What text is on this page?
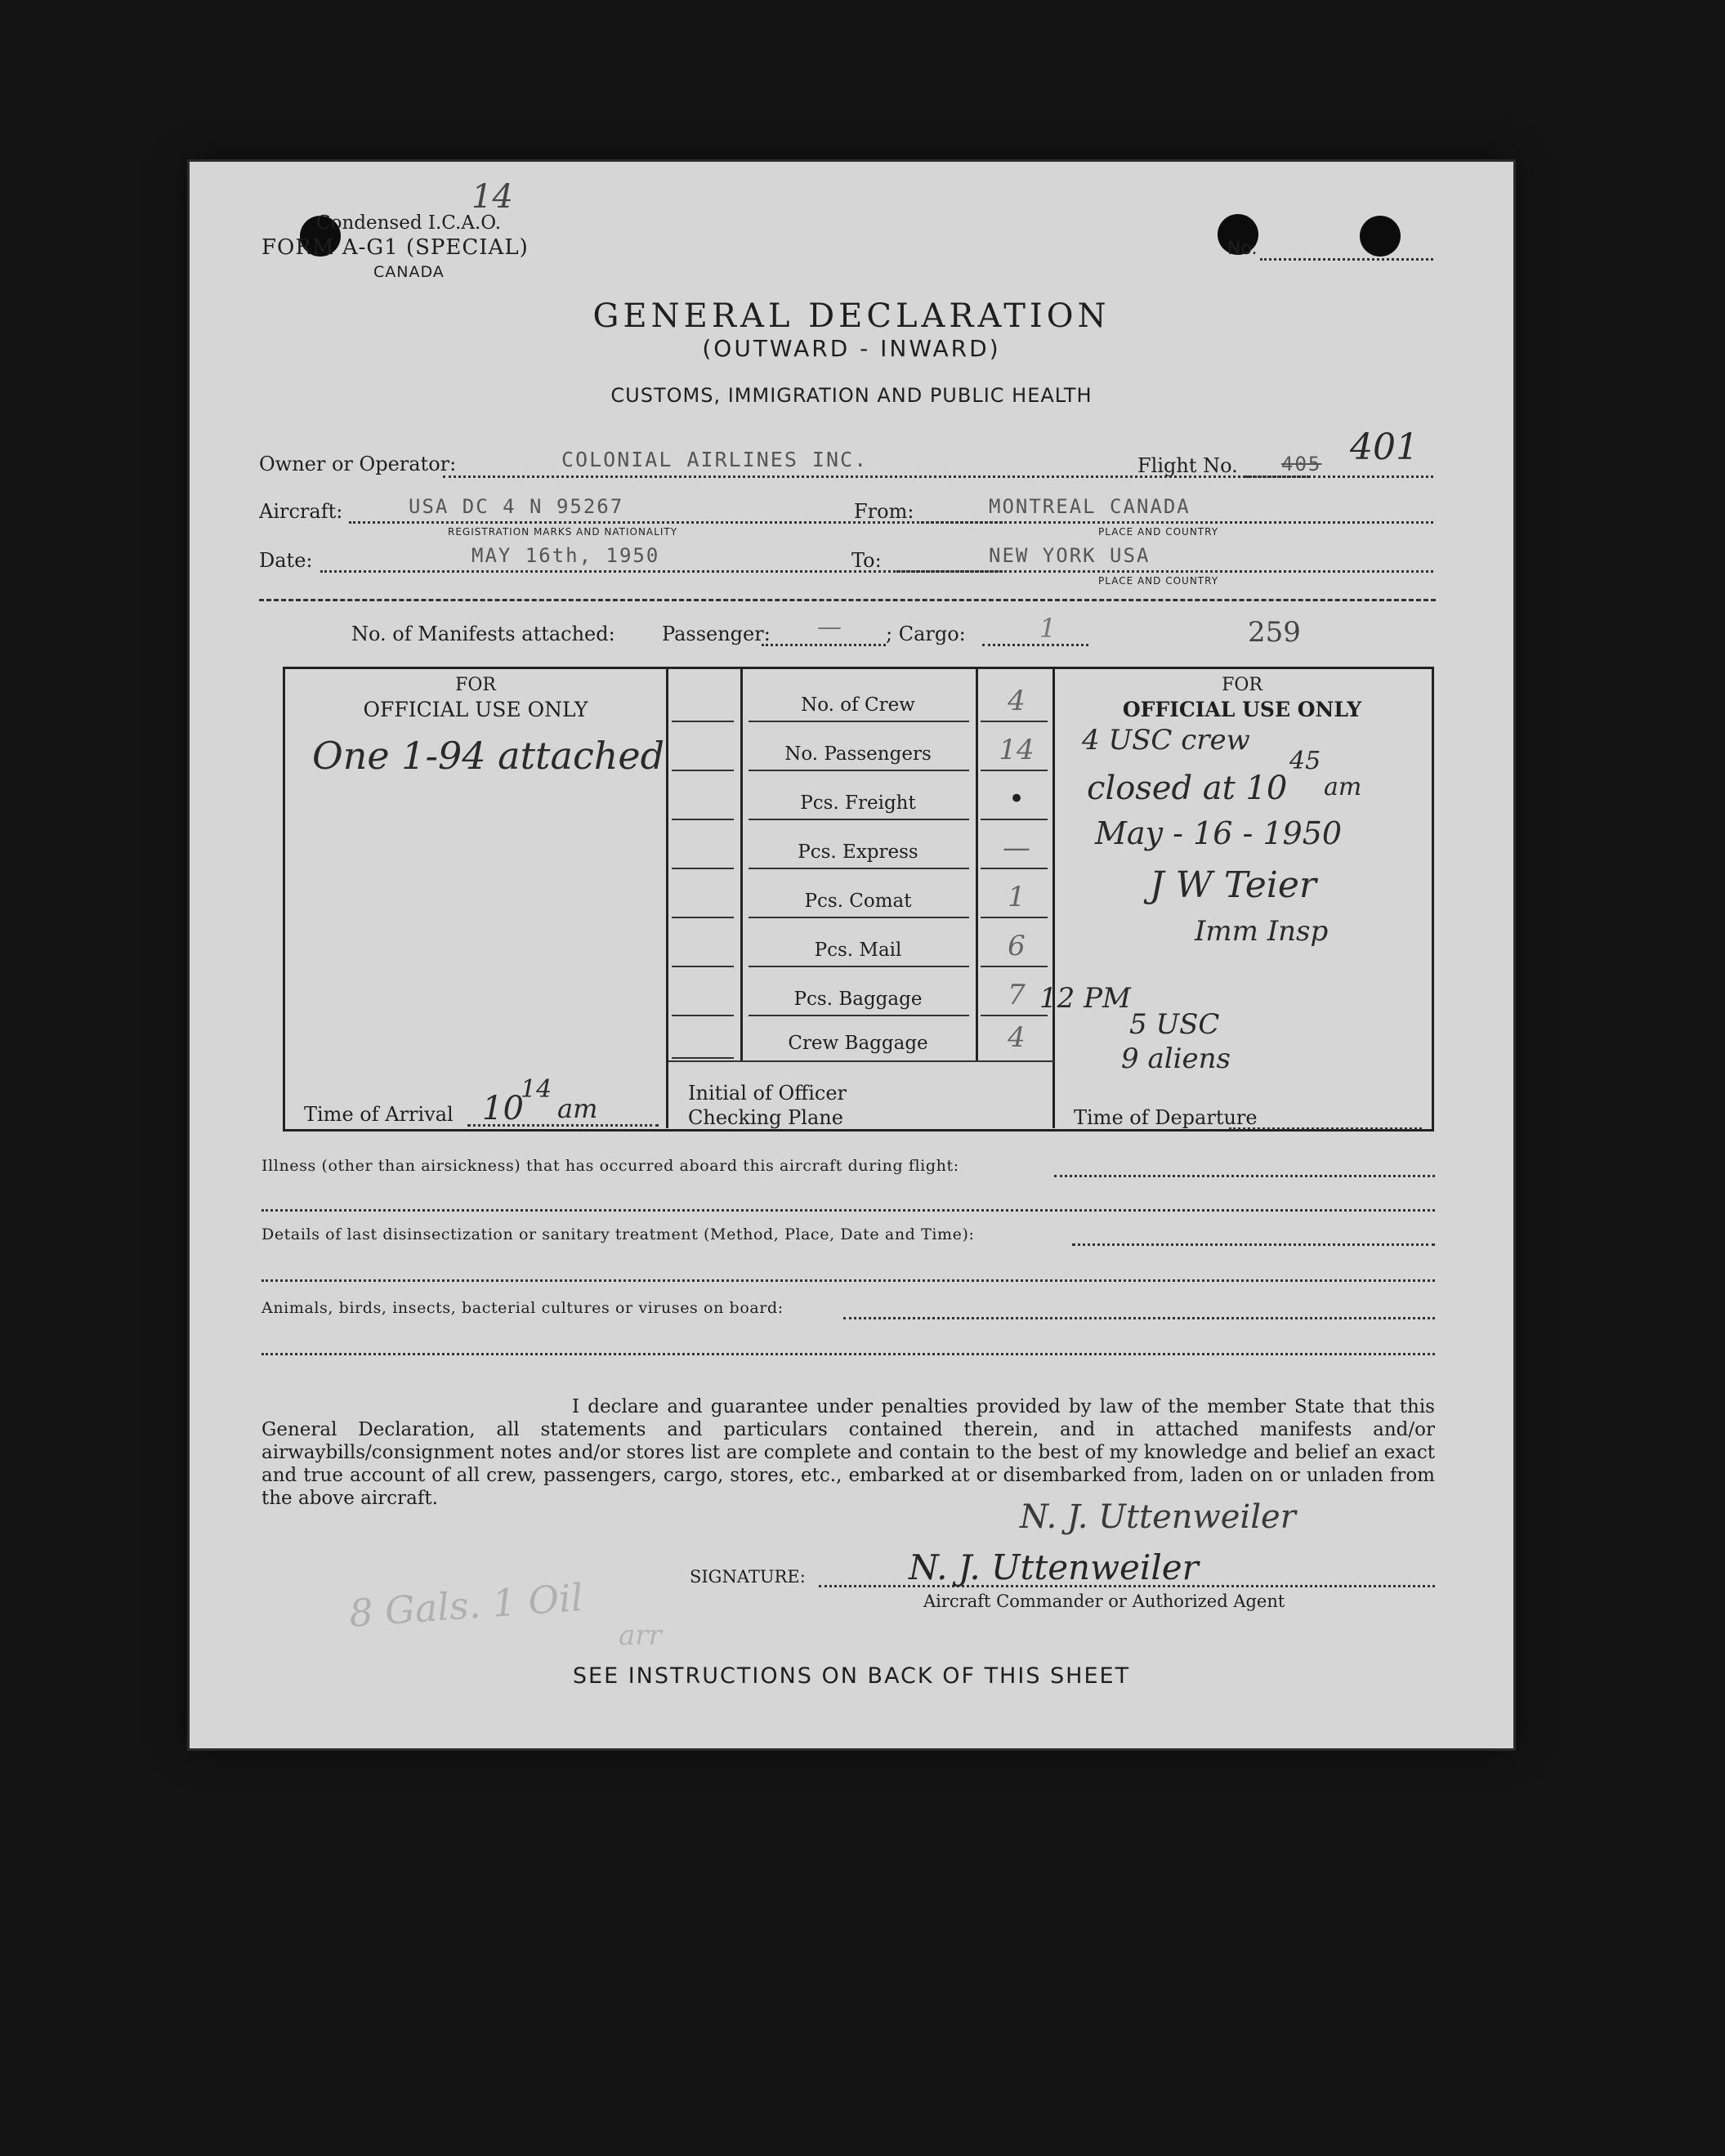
Condensed I.C.A.O.
FORM A-G1 (SPECIAL)
CANADA
14
No.
GENERAL DECLARATION
(OUTWARD - INWARD)
CUSTOMS, IMMIGRATION AND PUBLIC HEALTH
Owner or Operator:	COLONIAL AIRLINES INC.	Flight No. 405 401
Aircraft:	USA DC 4 N 95267
REGISTRATION MARKS AND NATIONALITY
From:	MONTREAL CANADA
PLACE AND COUNTRY
Date:	MAY 16th, 1950	To:	NEW YORK USA
PLACE AND COUNTRY
No. of Manifests attached: Passenger: — ; Cargo:	1	259
FOR
OFFICIAL USE ONLY
One 1-94 attached
Time of Arrival 10
14
am
No. of Crew	4
No. Passengers	14
Pcs. Freight	•
Pcs. Express	—
Pcs. Comat	1
Pcs. Mail	6
Pcs. Baggage	7
Crew Baggage	4
Initial of Officer
Checking Plane
FOR
OFFICIAL USE ONLY
4 USC crew
closed at 10
45
am
May - 16 - 1950
J W Teier
Imm Insp
12 PM
5 USC
9 aliens
Time of Departure
Illness (other than airsickness) that has occurred aboard this aircraft during flight:
Details of last disinsectization or sanitary treatment (Method, Place, Date and Time):
Animals, birds, insects, bacterial cultures or viruses on board:
I declare and guarantee under penalties provided by law of the member State that this General Declaration, all statements and particulars contained therein, and in attached manifests and/or airwaybills/consignment notes and/or stores list are complete and contain to the best of my knowledge and belief an exact and true account of all crew, passengers, cargo, stores, etc., embarked at or disembarked from, laden on or unladen from the above aircraft.	N. J. Uttenweiler
SIGNATURE:	N. J. Uttenweiler
Aircraft Commander or Authorized Agent
8 Gals. 1 Oil
arr
SEE INSTRUCTIONS ON BACK OF THIS SHEET
